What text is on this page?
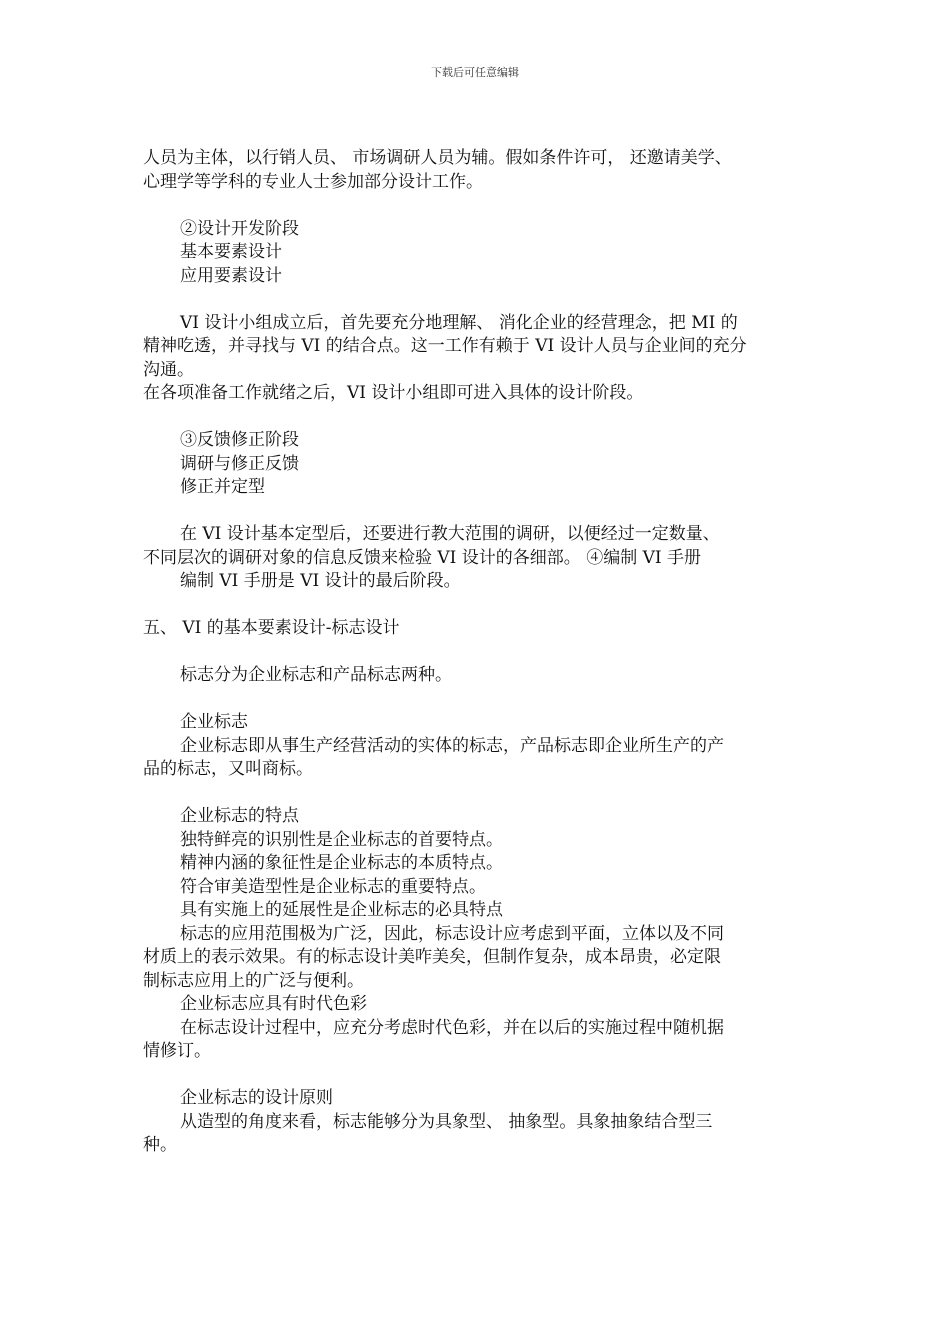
下载后可任意编辑
人员为主体，以行销人员、 市场调研人员为辅。假如条件许可， 还邀请美学、
心理学等学科的专业人士参加部分设计工作。
②设计开发阶段
基本要素设计
应用要素设计
VI 设计小组成立后，首先要充分地理解、 消化企业的经营理念，把 MI 的
精神吃透，并寻找与 VI 的结合点。这一工作有赖于 VI 设计人员与企业间的充分
沟通。
在各项准备工作就绪之后，VI 设计小组即可进入具体的设计阶段。
③反馈修正阶段
调研与修正反馈
修正并定型
在 VI 设计基本定型后，还要进行教大范围的调研，以便经过一定数量、
不同层次的调研对象的信息反馈来检验 VI 设计的各细部。 ④编制 VI 手册
编制 VI 手册是 VI 设计的最后阶段。
五、 VI 的基本要素设计-标志设计
标志分为企业标志和产品标志两种。
企业标志
企业标志即从事生产经营活动的实体的标志，产品标志即企业所生产的产
品的标志，又叫商标。
企业标志的特点
独特鲜亮的识别性是企业标志的首要特点。
精神内涵的象征性是企业标志的本质特点。
符合审美造型性是企业标志的重要特点。
具有实施上的延展性是企业标志的必具特点
标志的应用范围极为广泛，因此，标志设计应考虑到平面，立体以及不同
材质上的表示效果。有的标志设计美咋美矣，但制作复杂，成本昂贵，必定限
制标志应用上的广泛与便利。
企业标志应具有时代色彩
在标志设计过程中，应充分考虑时代色彩，并在以后的实施过程中随机据
情修订。
企业标志的设计原则
从造型的角度来看，标志能够分为具象型、 抽象型。具象抽象结合型三
种。
